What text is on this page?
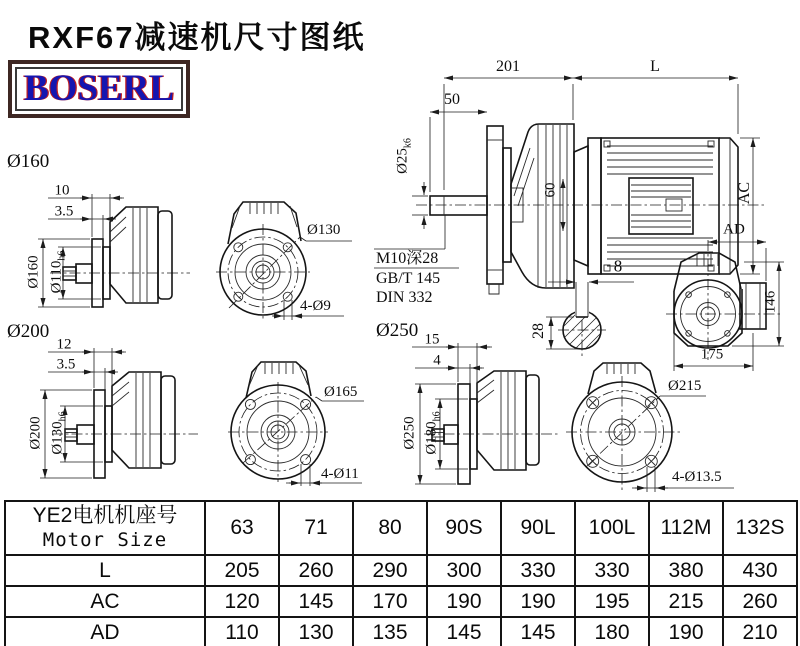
RXF67减速机尺寸图纸
BOSERL
Ø160
Ø200	Ø250
M10深28
GB/T 145
DIN 332
201	L
50
$Ø25_{k6}$
60	AC
AD
146
175
8
28
10
3.5
Ø160 $Ø110_{h6}$
Ø130
4-Ø9
12
3.5
Ø200 $Ø130_{h6}$
Ø165
4-Ø11
15
4
Ø250 $Ø180_{h6}$
Ø215
4-Ø13.5
YE2电机机座号
Motor Size	63	71	80	90S	90L	100L	112M	132S
L	205	260	290	300	330	330	380	430
AC	120	145	170	190	190	195	215	260
AD	110	130	135	145	145	180	190	210
